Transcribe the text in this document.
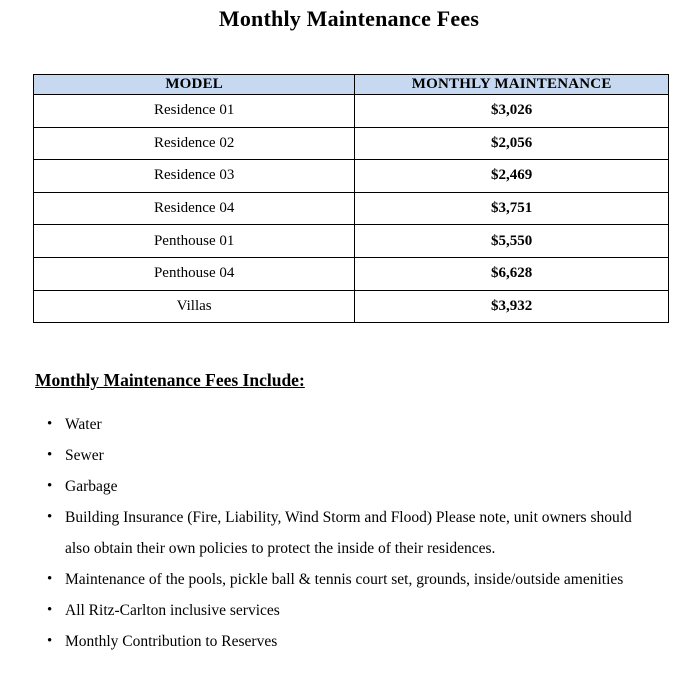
Monthly Maintenance Fees
MODEL	MONTHLY MAINTENANCE
Residence 01	$3,026
Residence 02	$2,056
Residence 03	$2,469
Residence 04	$3,751
Penthouse 01	$5,550
Penthouse 04	$6,628
Villas	$3,932
Monthly Maintenance Fees Include:
• Water
• Sewer
• Garbage
• Building Insurance (Fire, Liability, Wind Storm and Flood) Please note, unit owners should also obtain their own policies to protect the inside of their residences.
• Maintenance of the pools, pickle ball & tennis court set, grounds, inside/outside amenities
• All Ritz-Carlton inclusive services
• Monthly Contribution to Reserves
